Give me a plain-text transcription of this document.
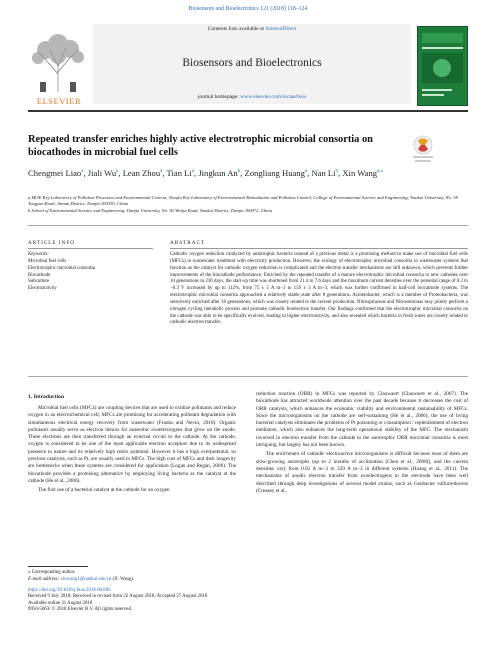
Biosensors and Bioelectronics 121 (2018) 118–124
ELSEVIER
Contents lists available at ScienceDirect
Biosensors and Bioelectronics
journal homepage: www.elsevier.com/locate/bios
Repeated transfer enriches highly active electrotrophic microbial consortia on biocathodes in microbial fuel cells
Chengmei Liao$^a$, Jiali Wu$^a$, Lean Zhou$^a$, Tian Li$^a$, Jingkun An$^b$, Zongliang Huang$^a$, Nan Li$^b$, Xin Wang$^{a,⁎}$
a MOE Key Laboratory of Pollution Processes and Environmental Criteria, Tianjin Key Laboratory of Environmental Remediation and Pollution Control, College of Environmental Science and Engineering, Nankai University, No. 38 Tongyan Road, Jinnan District, Tianjin 300350, China
b School of Environmental Science and Engineering, Tianjin University, No. 92 Weijin Road, Nankai District, Tianjin 300072, China
ARTICLE INFO
Keywords:
Microbial fuel cells
Electrotrophic microbial consortia
Biocathode
Subculture
Electroactivity
ABSTRACT
Cathodic oxygen reduction catalyzed by autotrophic bacteria instead of a precious metal is a promising method to make use of microbial fuel cells (MFCs) in wastewater treatment with electricity production. However, the ecology of electrotrophic microbial consortia in wastewater systems that function as the catalyst for cathodic oxygen reduction is complicated and the electron transfer mechanisms are still unknown, which prevents further improvements of the biocathode performance. Enriched by the repeated transfer of a mature electrotrophic microbial consortia to new cathodes over 10 generations in 230 days, the start-up time was shortened from 21.4 to 7.6 days and the maximum current densities over the potential range of 0.3 to −0.3 V increased by up to 112%, from 75 ± 5 A m−3 to 159 ± 3 A m−3, which was further confirmed in half-cell biocathode systems. The electrotrophic microbial consortia approached a relatively stable state after 8 generations. Acinetobacter, which is a member of Proteobacteria, was selectively enriched after 10 generations, which was closely related to the current production. Nitrospiraceae and Nitrosomonas may jointly perform a nitrogen cycling metabolic process and promote cathodic bioelectron transfer. Our findings confirmed that the electrotrophic microbial consortia on the cathode was able to be specifically evolved, leading to higher electroactivity, and also revealed which bacteria in fresh water are closely related to cathodic electron transfer.
1. Introduction

Microbial fuel cells (MFCs) are coupling devices that are used to oxidize pollutants and reduce oxygen in an electrochemical cell; MFCs are promising for accelerating pollutant degradation with simultaneous electrical energy recovery from wastewater (Franks and Nevin, 2010). Organic pollutants usually serve as electron donors for anaerobic exoelectrogens that grow on the anode. These electrons are then transferred through an external circuit to the cathode. At the cathode, oxygen is considered to be one of the most applicable electron acceptors due to its widespread presence in nature and its relatively high redox potential. However it has a high overpotential, so precious catalysts, such as Pt, are usually used in MFCs. The high cost of MFCs and their longevity are bottlenecks when these systems are considered for application (Logan and Regan, 2006). The biocathode provides a promising alternative by employing living bacteria as the catalyst at the cathode (He et al., 2006).

The first use of a bacterial catalyst at the cathode for an oxygen

reduction reaction (ORR) in MFCs was reported by Clauwaert (Clauwaert et al., 2007). The biocathode has attracted worldwide attention over the past decade because it decreases the cost of ORR catalysts, which enhances the economic viability and environmental sustainability of MFCs. Since the microorganisms on the cathode are self-sustaining (He et al., 2006), the use of living bacterial catalysts eliminates the problems of Pt poisoning or consumption / replenishment of electron mediators, which also enhances the long-term operational stability of the MFC. The mechanism involved in electron transfer from the cathode to the autotrophic ORR microbial consortia is most intriguing, but largely has not been known.

The enrichment of cathodic electroactive microorganisms is difficult because most of them are slow-growing autotrophs (up to 2 months of acclimation (Chen et al., 2008)), and the current densities vary from 0.02 A m−3 to 329 A m−3 in different systems (Huang et al., 2011). The mechanisms of anodic electron transfer from exoelectrogens to the electrode have been well described through deep investigations of several model strains, such as Geobacter sulfurreducens (Creasey et al.,

⁎ Corresponding author.
E-mail address: xinwang1@nankai.edu.cn (X. Wang).
https://doi.org/10.1016/j.bios.2018.08.066
Received 9 July 2018; Received in revised form 22 August 2018; Accepted 27 August 2018
Available online 31 August 2018
0956-5663/ © 2018 Elsevier B.V. All rights reserved.
